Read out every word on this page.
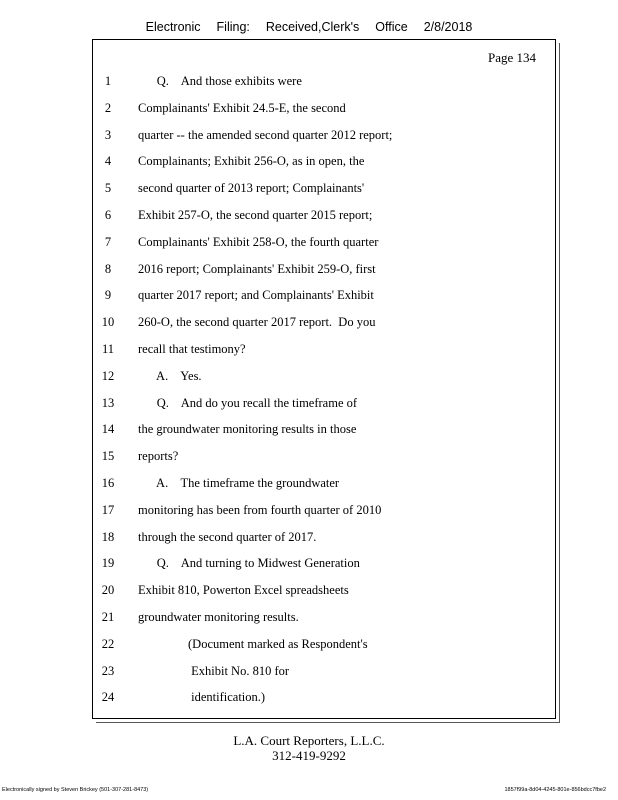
Electronic Filing: Received,Clerk's Office 2/8/2018
Page 134
1	Q.    And those exhibits were
2	Complainants' Exhibit 24.5-E, the second
3	quarter -- the amended second quarter 2012 report;
4	Complainants; Exhibit 256-O, as in open, the
5	second quarter of 2013 report; Complainants'
6	Exhibit 257-O, the second quarter 2015 report;
7	Complainants' Exhibit 258-O, the fourth quarter
8	2016 report; Complainants' Exhibit 259-O, first
9	quarter 2017 report; and Complainants' Exhibit
10	260-O, the second quarter 2017 report.  Do you
11	recall that testimony?
12	A.    Yes.
13	Q.    And do you recall the timeframe of
14	the groundwater monitoring results in those
15	reports?
16	A.    The timeframe the groundwater
17	monitoring has been from fourth quarter of 2010
18	through the second quarter of 2017.
19	Q.    And turning to Midwest Generation
20	Exhibit 810, Powerton Excel spreadsheets
21	groundwater monitoring results.
22	(Document marked as Respondent's
23	Exhibit No. 810 for
24	identification.)
L.A. Court Reporters, L.L.C.
312-419-9292
Electronically signed by Steven Brickey (501-307-281-8473)	1857f99a-8d04-4245-801e-856bdcc7fbe2
